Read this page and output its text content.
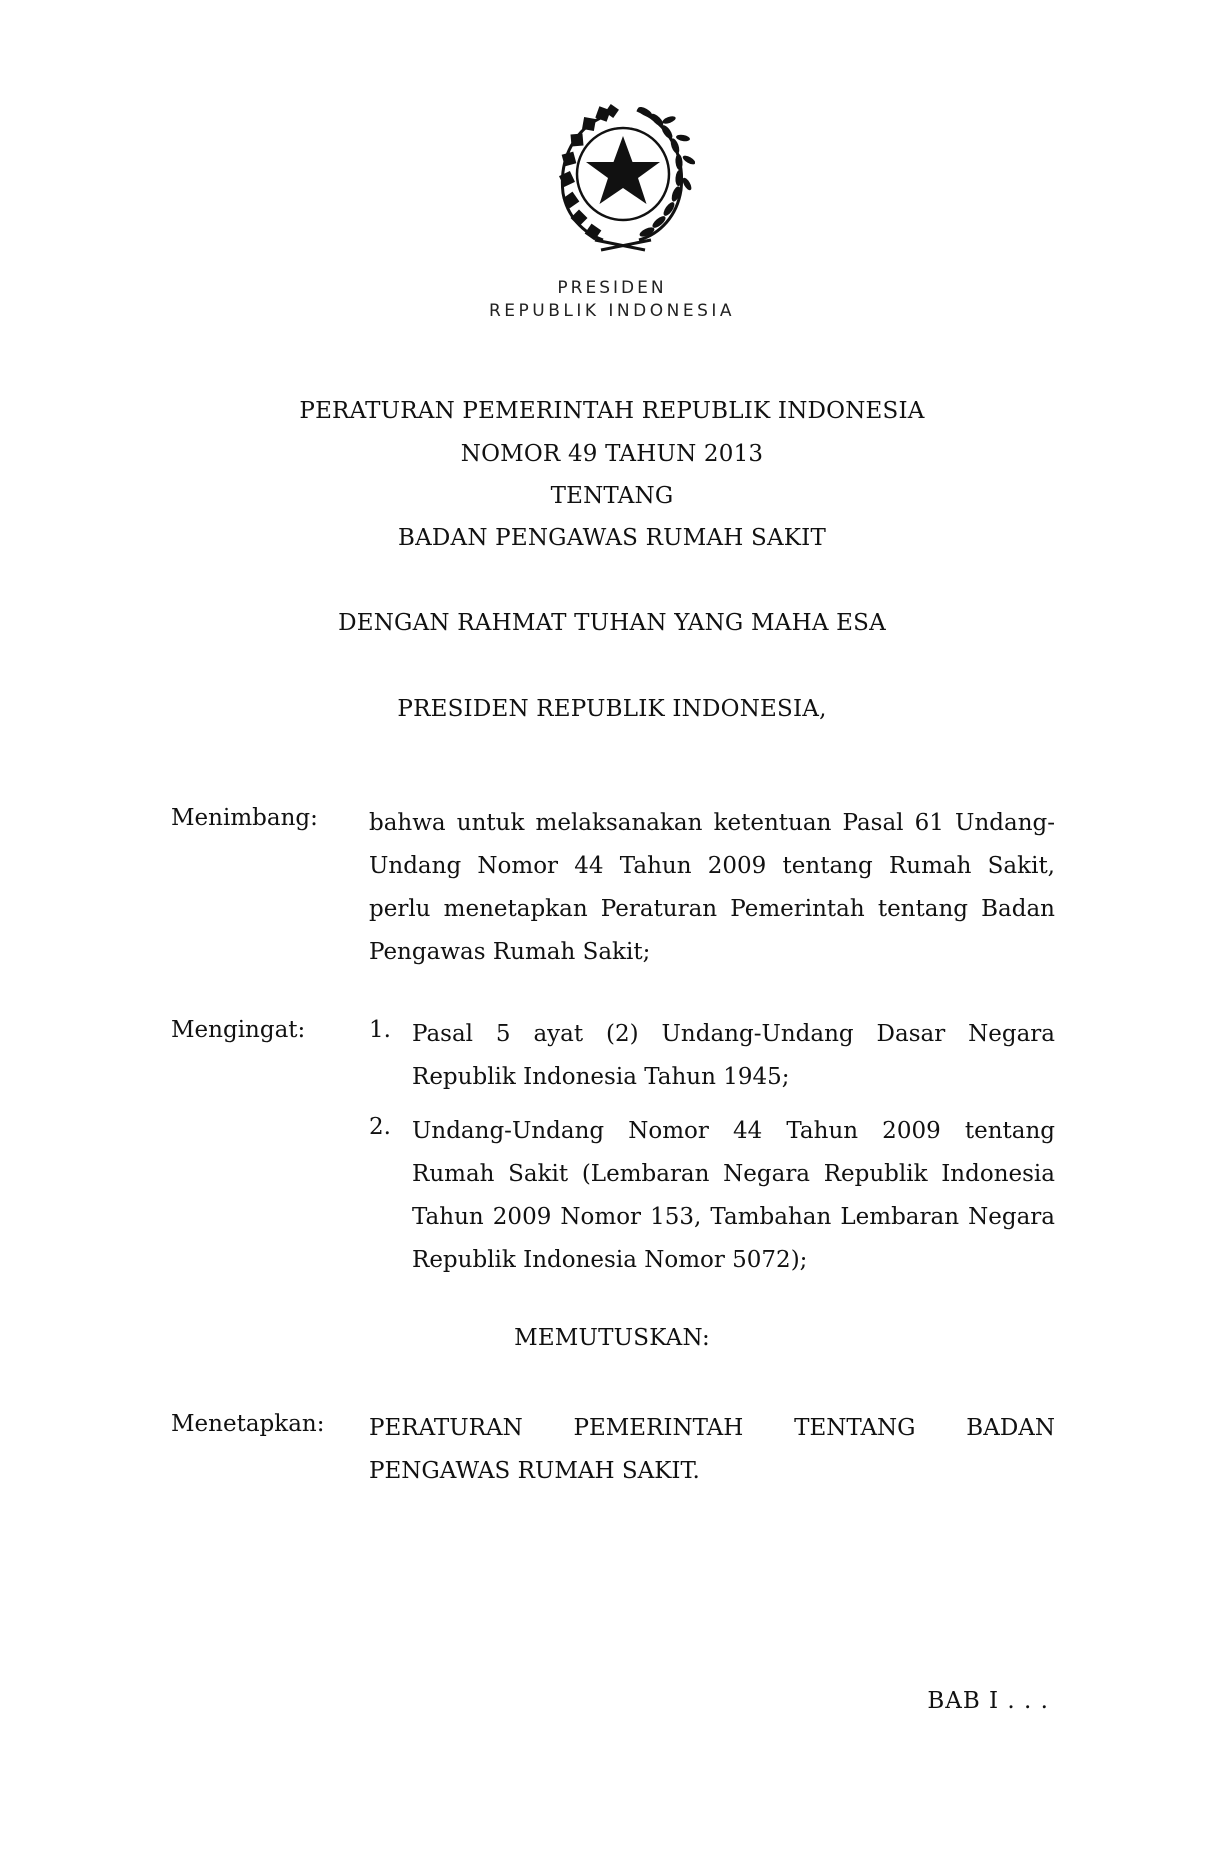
PRESIDEN
REPUBLIK INDONESIA
PERATURAN PEMERINTAH REPUBLIK INDONESIA
NOMOR 49 TAHUN 2013
TENTANG
BADAN PENGAWAS RUMAH SAKIT
DENGAN RAHMAT TUHAN YANG MAHA ESA
PRESIDEN REPUBLIK INDONESIA,
Menimbang: bahwa untuk melaksanakan ketentuan Pasal 61 Undang-Undang Nomor 44 Tahun 2009 tentang Rumah Sakit, perlu menetapkan Peraturan Pemerintah tentang Badan Pengawas Rumah Sakit;
Mengingat:	1. Pasal 5 ayat (2) Undang-Undang Dasar Negara Republik Indonesia Tahun 1945;
2. Undang-Undang Nomor 44 Tahun 2009 tentang Rumah Sakit (Lembaran Negara Republik Indonesia Tahun 2009 Nomor 153, Tambahan Lembaran Negara Republik Indonesia Nomor 5072);
MEMUTUSKAN:
Menetapkan: PERATURAN PEMERINTAH TENTANG BADAN PENGAWAS RUMAH SAKIT.
BAB I . . .
